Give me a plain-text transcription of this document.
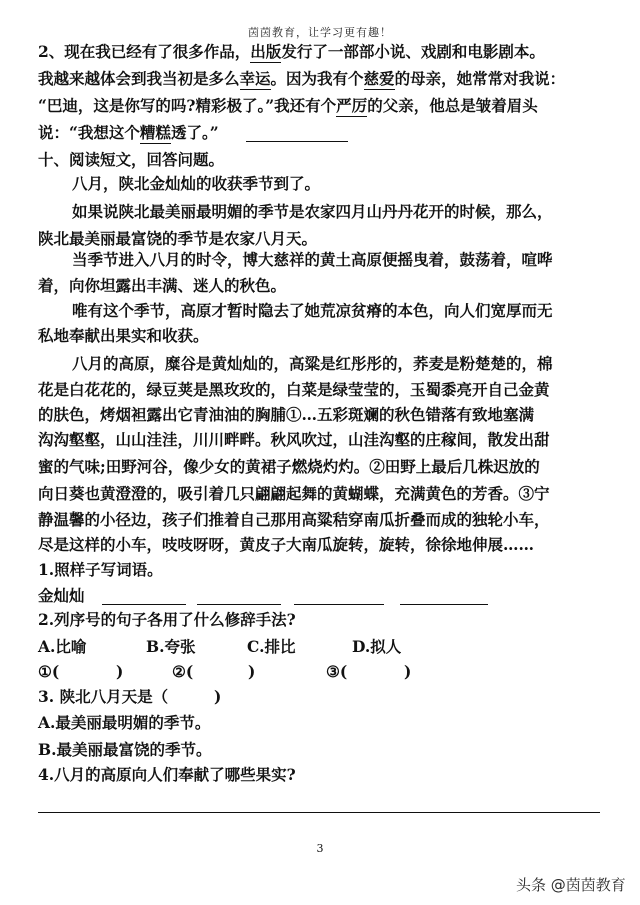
茵茵教育，让学习更有趣！
2、现在我已经有了很多作品，出版发行了一部部小说、戏剧和电影剧本。
我越来越体会到我当初是多么幸运。因为我有个慈爱的母亲，她常常对我说：
“巴迪，这是你写的吗?精彩极了。”我还有个严厉的父亲，他总是皱着眉头
说：“我想这个糟糕透了。”
十、阅读短文，回答问题。
八月，陕北金灿灿的收获季节到了。
如果说陕北最美丽最明媚的季节是农家四月山丹丹花开的时候，那么，
陕北最美丽最富饶的季节是农家八月天。
当季节进入八月的时令，博大慈祥的黄土高原便摇曳着，鼓荡着，喧哗
着，向你坦露出丰满、迷人的秋色。
唯有这个季节，高原才暂时隐去了她荒凉贫瘠的本色，向人们宽厚而无
私地奉献出果实和收获。
八月的高原，糜谷是黄灿灿的，高粱是红彤彤的，荞麦是粉楚楚的，棉
花是白花花的，绿豆荚是黑玫玫的，白菜是绿莹莹的，玉蜀黍亮开自己金黄
的肤色，烤烟袒露出它青油油的胸脯①…五彩斑斓的秋色错落有致地塞满
沟沟壑壑，山山洼洼，川川畔畔。秋风吹过，山洼沟壑的庄稼间，散发出甜
蜜的气味;田野河谷，像少女的黄裙子燃烧灼灼。②田野上最后几株迟放的
向日葵也黄澄澄的，吸引着几只翩翩起舞的黄蝴蝶，充满黄色的芳香。③宁
静温馨的小径边，孩子们推着自己那用高粱秸穿南瓜折叠而成的独轮小车，
尽是这样的小车，吱吱呀呀，黄皮子大南瓜旋转，旋转，徐徐地伸展……
1.照样子写词语。
金灿灿
2.列序号的句子各用了什么修辞手法?
A.比喻	B.夸张	C.排比	D.拟人
①(	)	②(	)	③(	)
3. 陕北八月天是（	)
A.最美丽最明媚的季节。
B.最美丽最富饶的季节。
4.八月的高原向人们奉献了哪些果实?
3
头条 @茵茵教育
